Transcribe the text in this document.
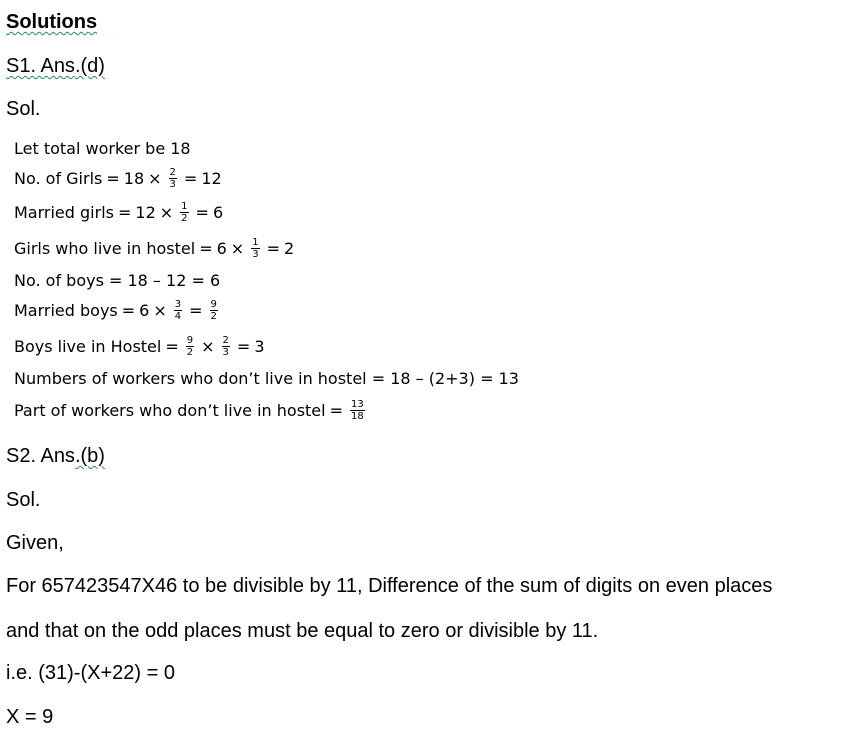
Solutions
S1. Ans.(d)
Sol.
Let total worker be 18
No. of Girls = $18 \times \frac{2}{3} = 12$
Married girls = $12 \times \frac{1}{2} = 6$
Girls who live in hostel = $6 \times \frac{1}{3} = 2$
No. of boys = 18 – 12 = 6
Married boys = $6 \times \frac{3}{4} = \frac{9}{2}$
Boys live in Hostel = $\frac{9}{2} \times \frac{2}{3} = 3$
Numbers of workers who don’t live in hostel = 18 – (2+3) = 13
Part of workers who don’t live in hostel = $\frac{13}{18}$
S2. Ans.(b)
Sol.
Given,
For 657423547X46 to be divisible by 11, Difference of the sum of digits on even places
and that on the odd places must be equal to zero or divisible by 11.
i.e. (31)-(X+22) = 0
X = 9
